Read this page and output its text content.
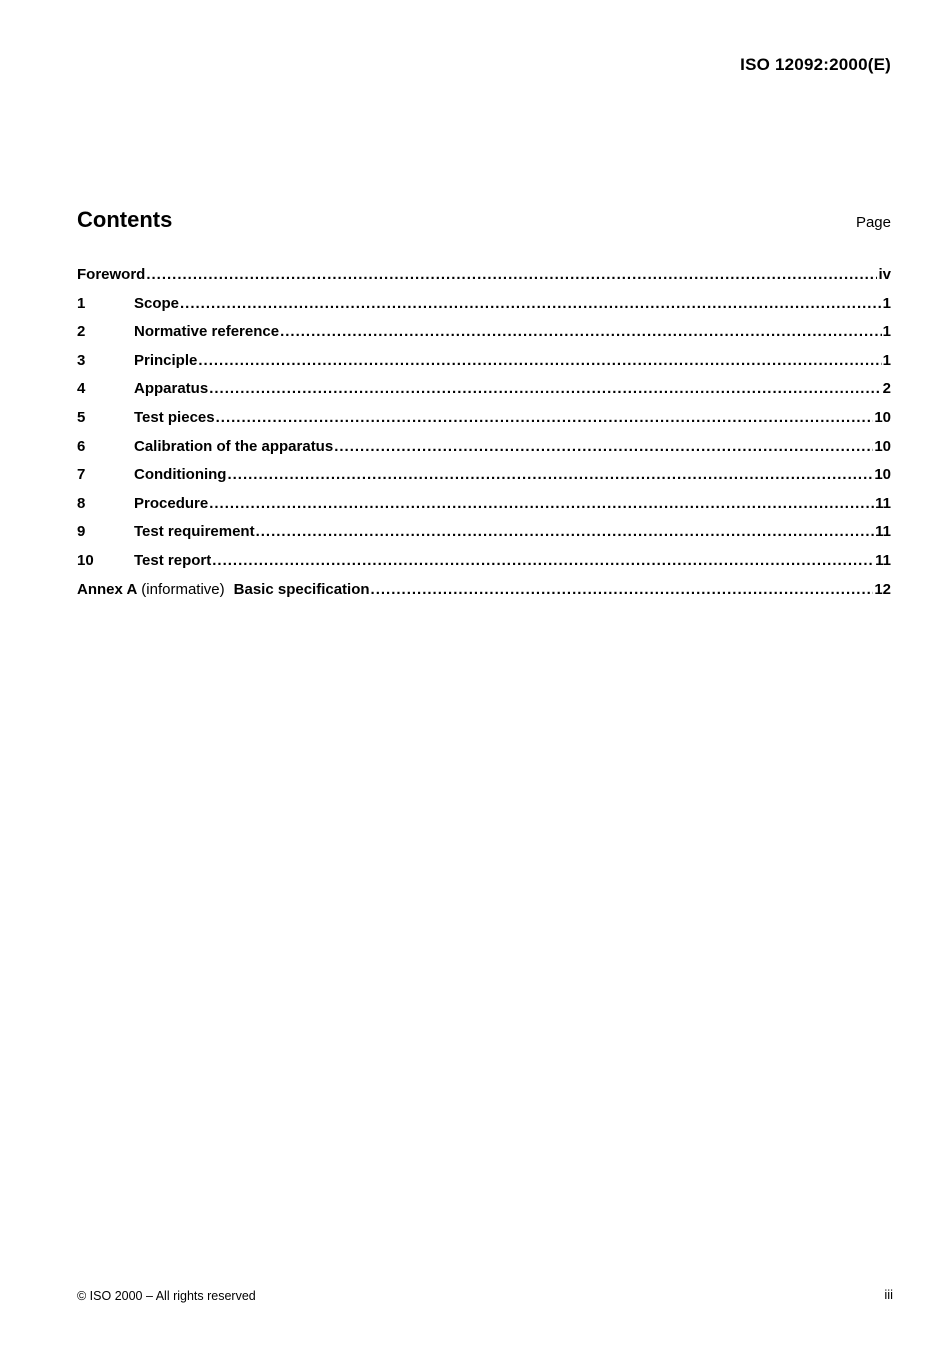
ISO 12092:2000(E)
Contents	Page
Foreword .....	iv
1	Scope .....	1
2	Normative reference .....	1
3	Principle .....	1
4	Apparatus .....	2
5	Test pieces .....	10
6	Calibration of the apparatus .....	10
7	Conditioning .....	10
8	Procedure .....	11
9	Test requirement .....	11
10	Test report .....	11
Annex A (informative) Basic specification .....	12
© ISO 2000 – All rights reserved	iii
